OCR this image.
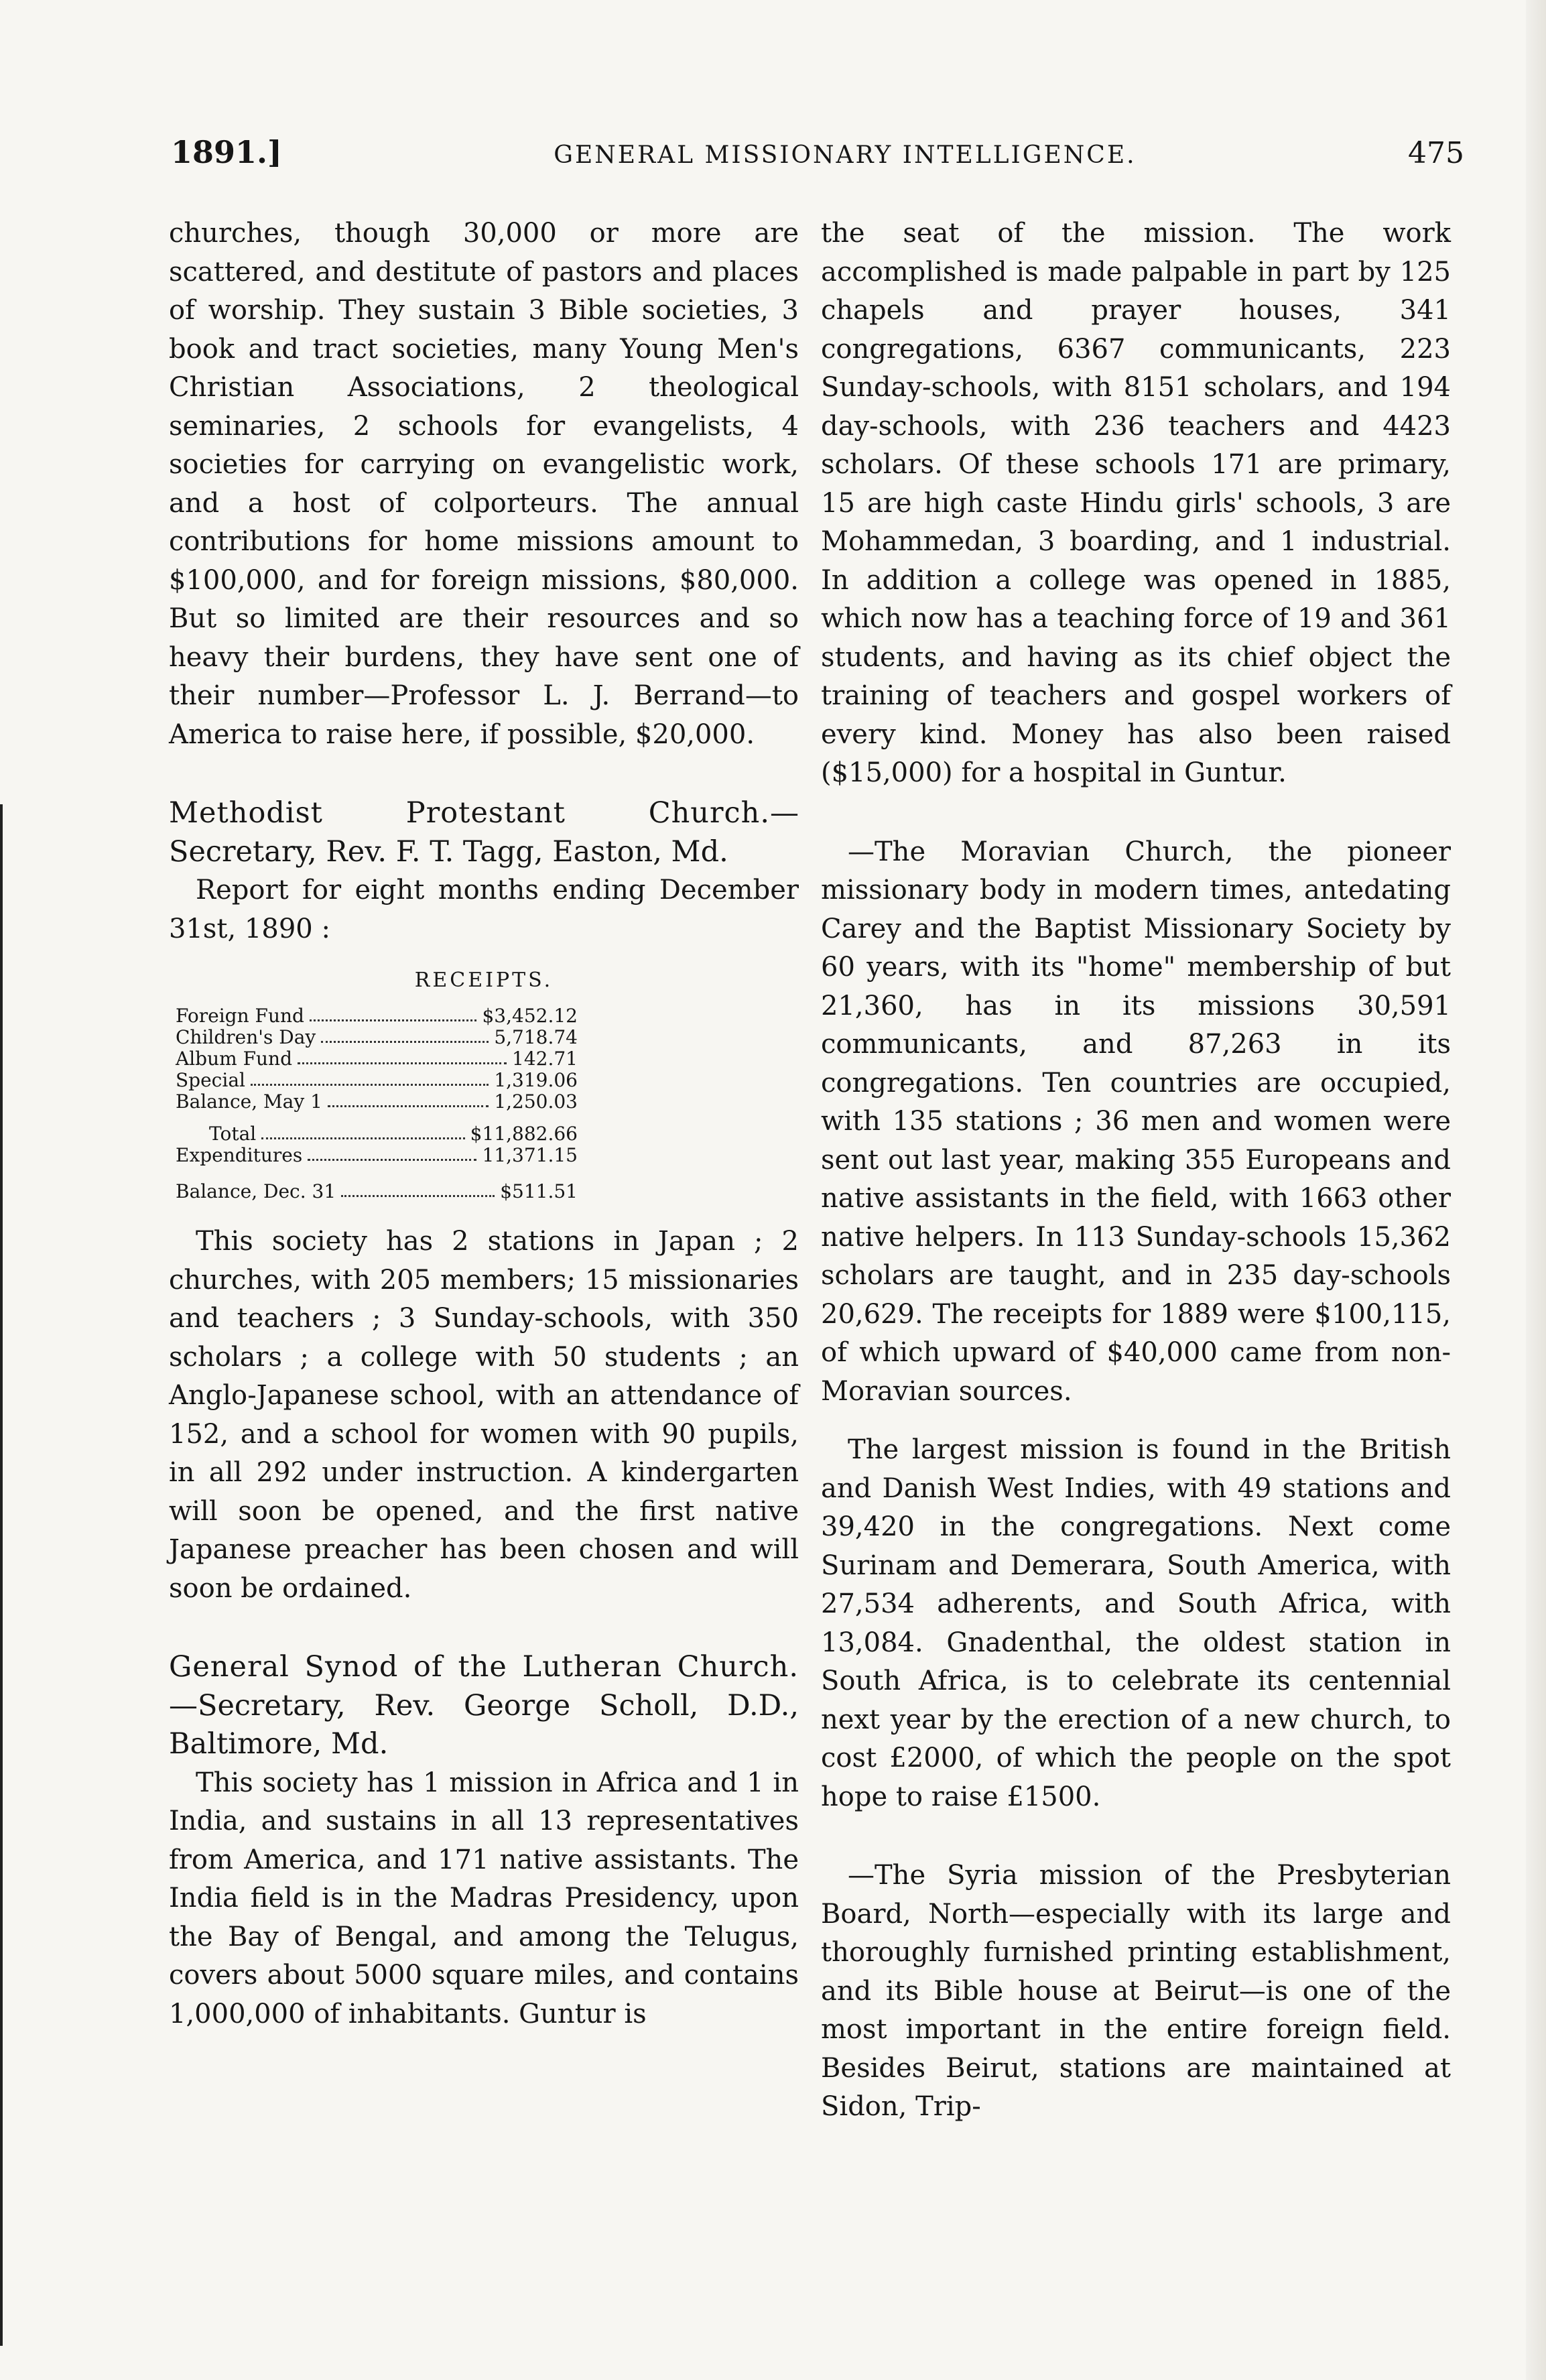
1891.]	GENERAL MISSIONARY INTELLIGENCE.	475

churches, though 30,000 or more are scattered, and destitute of pastors and places of worship. They sustain 3 Bible societies, 3 book and tract societies, many Young Men's Christian Associations, 2 theological seminaries, 2 schools for evangelists, 4 societies for carrying on evangelistic work, and a host of colporteurs. The annual contributions for home missions amount to $100,000, and for foreign missions, $80,000. But so limited are their resources and so heavy their burdens, they have sent one of their number—Professor L. J. Berrand—to America to raise here, if possible, $20,000.

Methodist Protestant Church.—Secretary, Rev. F. T. Tagg, Easton, Md.

Report for eight months ending December 31st, 1890 :

RECEIPTS.
Foreign Fund	$3,452.12
Children's Day	5,718.74
Album Fund	142.71
Special	1,319.06
Balance, May 1	1,250.03
Total	$11,882.66
Expenditures	11,371.15
Balance, Dec. 31	$511.51

This society has 2 stations in Japan ; 2 churches, with 205 members; 15 missionaries and teachers ; 3 Sunday-schools, with 350 scholars ; a college with 50 students ; an Anglo-Japanese school, with an attendance of 152, and a school for women with 90 pupils, in all 292 under instruction. A kindergarten will soon be opened, and the first native Japanese preacher has been chosen and will soon be ordained.

General Synod of the Lutheran Church.—Secretary, Rev. George Scholl, D.D., Baltimore, Md.

This society has 1 mission in Africa and 1 in India, and sustains in all 13 representatives from America, and 171 native assistants. The India field is in the Madras Presidency, upon the Bay of Bengal, and among the Telugus, covers about 5000 square miles, and contains 1,000,000 of inhabitants. Guntur is

the seat of the mission. The work accomplished is made palpable in part by 125 chapels and prayer houses, 341 congregations, 6367 communicants, 223 Sunday-schools, with 8151 scholars, and 194 day-schools, with 236 teachers and 4423 scholars. Of these schools 171 are primary, 15 are high caste Hindu girls' schools, 3 are Mohammedan, 3 boarding, and 1 industrial. In addition a college was opened in 1885, which now has a teaching force of 19 and 361 students, and having as its chief object the training of teachers and gospel workers of every kind. Money has also been raised ($15,000) for a hospital in Guntur.

—The Moravian Church, the pioneer missionary body in modern times, antedating Carey and the Baptist Missionary Society by 60 years, with its "home" membership of but 21,360, has in its missions 30,591 communicants, and 87,263 in its congregations. Ten countries are occupied, with 135 stations ; 36 men and women were sent out last year, making 355 Europeans and native assistants in the field, with 1663 other native helpers. In 113 Sunday-schools 15,362 scholars are taught, and in 235 day-schools 20,629. The receipts for 1889 were $100,115, of which upward of $40,000 came from non-Moravian sources.

The largest mission is found in the British and Danish West Indies, with 49 stations and 39,420 in the congregations. Next come Surinam and Demerara, South America, with 27,534 adherents, and South Africa, with 13,084. Gnadenthal, the oldest station in South Africa, is to celebrate its centennial next year by the erection of a new church, to cost £2000, of which the people on the spot hope to raise £1500.

—The Syria mission of the Presbyterian Board, North—especially with its large and thoroughly furnished printing establishment, and its Bible house at Beirut—is one of the most important in the entire foreign field. Besides Beirut, stations are maintained at Sidon, Trip-
